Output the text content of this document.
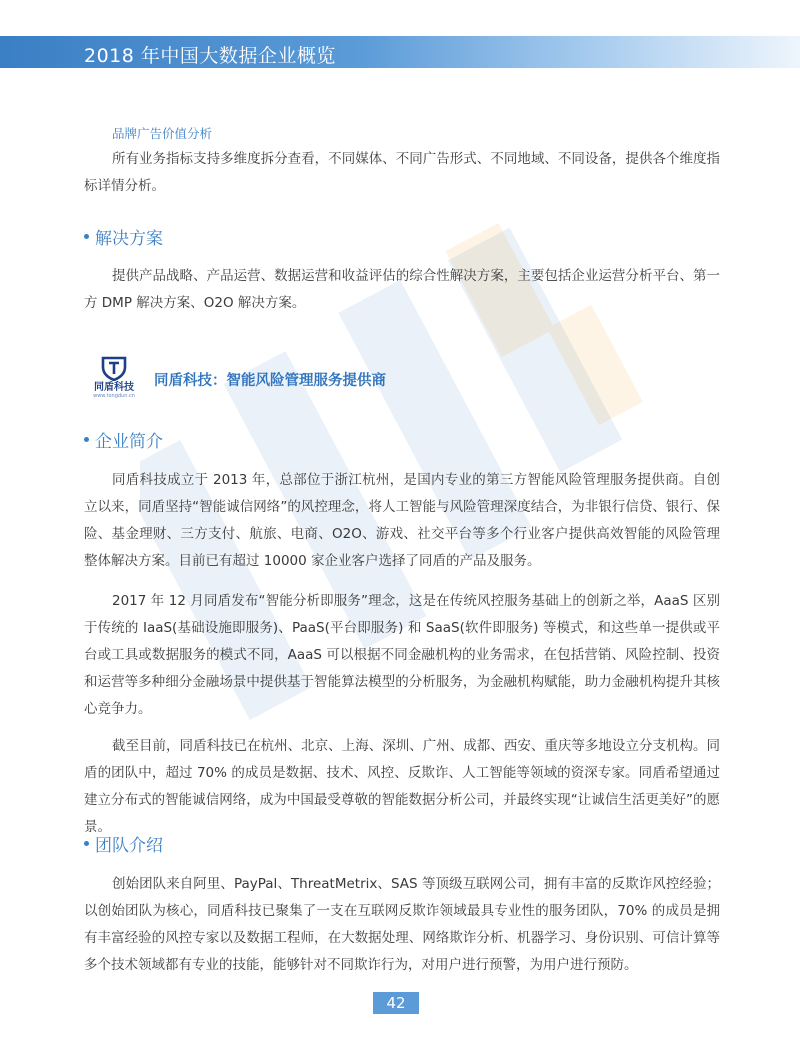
2018 年中国大数据企业概览
品牌广告价值分析

所有业务指标支持多维度拆分查看，不同媒体、不同广告形式、不同地域、不同设备，提供各个维度指标详情分析。

解决方案

提供产品战略、产品运营、数据运营和收益评估的综合性解决方案，主要包括企业运营分析平台、第一方 DMP 解决方案、O2O 解决方案。

同盾科技
www.tongdun.cn
同盾科技：智能风险管理服务提供商
企业简介

同盾科技成立于 2013 年，总部位于浙江杭州，是国内专业的第三方智能风险管理服务提供商。自创立以来，同盾坚持“智能诚信网络”的风控理念，将人工智能与风险管理深度结合，为非银行信贷、银行、保险、基金理财、三方支付、航旅、电商、O2O、游戏、社交平台等多个行业客户提供高效智能的风险管理整体解决方案。目前已有超过 10000 家企业客户选择了同盾的产品及服务。

2017 年 12 月同盾发布“智能分析即服务”理念，这是在传统风控服务基础上的创新之举，AaaS 区别于传统的 IaaS(基础设施即服务)、PaaS(平台即服务) 和 SaaS(软件即服务) 等模式，和这些单一提供或平台或工具或数据服务的模式不同，AaaS 可以根据不同金融机构的业务需求，在包括营销、风险控制、投资和运营等多种细分金融场景中提供基于智能算法模型的分析服务，为金融机构赋能，助力金融机构提升其核心竞争力。

截至目前，同盾科技已在杭州、北京、上海、深圳、广州、成都、西安、重庆等多地设立分支机构。同盾的团队中，超过 70% 的成员是数据、技术、风控、反欺诈、人工智能等领域的资深专家。同盾希望通过建立分布式的智能诚信网络，成为中国最受尊敬的智能数据分析公司，并最终实现“让诚信生活更美好”的愿景。

团队介绍

创始团队来自阿里、PayPal、ThreatMetrix、SAS 等顶级互联网公司，拥有丰富的反欺诈风控经验；以创始团队为核心，同盾科技已聚集了一支在互联网反欺诈领域最具专业性的服务团队，70% 的成员是拥有丰富经验的风控专家以及数据工程师，在大数据处理、网络欺诈分析、机器学习、身份识别、可信计算等多个技术领域都有专业的技能，能够针对不同欺诈行为，对用户进行预警，为用户进行预防。

42
